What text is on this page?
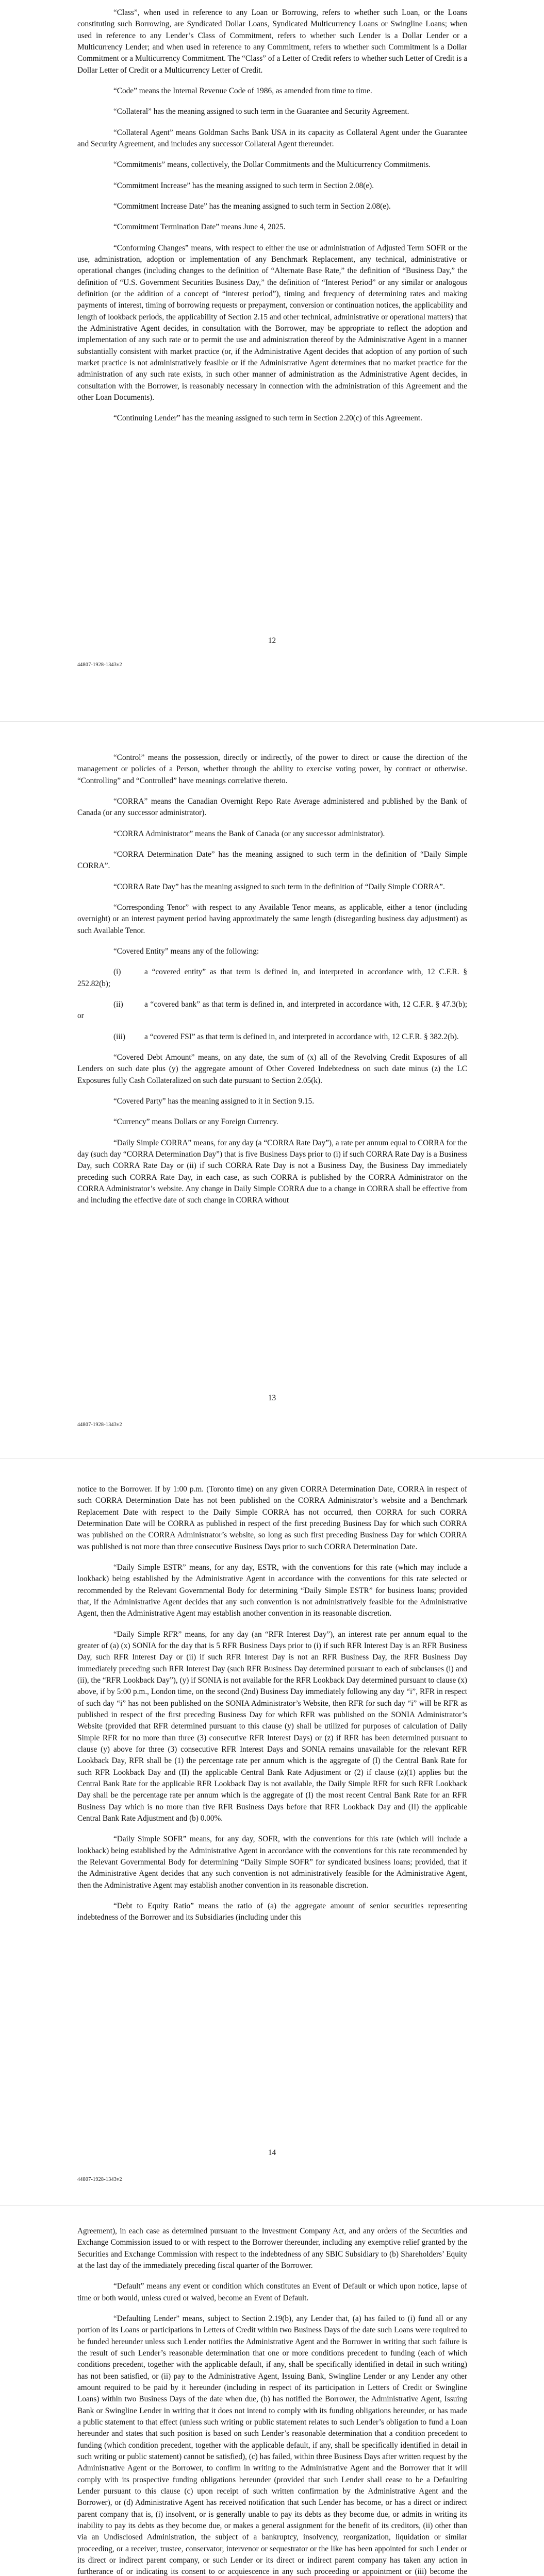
“Class”, when used in reference to any Loan or Borrowing, refers to whether such Loan, or the Loans constituting such Borrowing, are Syndicated Dollar Loans, Syndicated Multicurrency Loans or Swingline Loans; when used in reference to any Lender’s Class of Commitment, refers to whether such Lender is a Dollar Lender or a Multicurrency Lender; and when used in reference to any Commitment, refers to whether such Commitment is a Dollar Commitment or a Multicurrency Commitment. The “Class” of a Letter of Credit refers to whether such Letter of Credit is a Dollar Letter of Credit or a Multicurrency Letter of Credit.

“Code” means the Internal Revenue Code of 1986, as amended from time to time.

“Collateral” has the meaning assigned to such term in the Guarantee and Security Agreement.

“Collateral Agent” means Goldman Sachs Bank USA in its capacity as Collateral Agent under the Guarantee and Security Agreement, and includes any successor Collateral Agent thereunder.

“Commitments” means, collectively, the Dollar Commitments and the Multicurrency Commitments.

“Commitment Increase” has the meaning assigned to such term in Section 2.08(e).

“Commitment Increase Date” has the meaning assigned to such term in Section 2.08(e).

“Commitment Termination Date” means June 4, 2025.

“Conforming Changes” means, with respect to either the use or administration of Adjusted Term SOFR or the use, administration, adoption or implementation of any Benchmark Replacement, any technical, administrative or operational changes (including changes to the definition of “Alternate Base Rate,” the definition of “Business Day,” the definition of “U.S. Government Securities Business Day,” the definition of “Interest Period” or any similar or analogous definition (or the addition of a concept of “interest period”), timing and frequency of determining rates and making payments of interest, timing of borrowing requests or prepayment, conversion or continuation notices, the applicability and length of lookback periods, the applicability of Section 2.15 and other technical, administrative or operational matters) that the Administrative Agent decides, in consultation with the Borrower, may be appropriate to reflect the adoption and implementation of any such rate or to permit the use and administration thereof by the Administrative Agent in a manner substantially consistent with market practice (or, if the Administrative Agent decides that adoption of any portion of such market practice is not administratively feasible or if the Administrative Agent determines that no market practice for the administration of any such rate exists, in such other manner of administration as the Administrative Agent decides, in consultation with the Borrower, is reasonably necessary in connection with the administration of this Agreement and the other Loan Documents).

“Continuing Lender” has the meaning assigned to such term in Section 2.20(c) of this Agreement.

12
44807-1928-1343v2

“Control” means the possession, directly or indirectly, of the power to direct or cause the direction of the management or policies of a Person, whether through the ability to exercise voting power, by contract or otherwise. “Controlling” and “Controlled” have meanings correlative thereto.

“CORRA” means the Canadian Overnight Repo Rate Average administered and published by the Bank of Canada (or any successor administrator).

“CORRA Administrator” means the Bank of Canada (or any successor administrator).

“CORRA Determination Date” has the meaning assigned to such term in the definition of “Daily Simple CORRA”.

“CORRA Rate Day” has the meaning assigned to such term in the definition of “Daily Simple CORRA”.

“Corresponding Tenor” with respect to any Available Tenor means, as applicable, either a tenor (including overnight) or an interest payment period having approximately the same length (disregarding business day adjustment) as such Available Tenor.

“Covered Entity” means any of the following:

(i)	a “covered entity” as that term is defined in, and interpreted in accordance with, 12 C.F.R. § 252.82(b);

(ii)	a “covered bank” as that term is defined in, and interpreted in accordance with, 12 C.F.R. § 47.3(b); or

(iii) a “covered FSI” as that term is defined in, and interpreted in accordance with, 12 C.F.R. § 382.2(b).

“Covered Debt Amount” means, on any date, the sum of (x) all of the Revolving Credit Exposures of all Lenders on such date plus (y) the aggregate amount of Other Covered Indebtedness on such date minus (z) the LC Exposures fully Cash Collateralized on such date pursuant to Section 2.05(k).

“Covered Party” has the meaning assigned to it in Section 9.15.

“Currency” means Dollars or any Foreign Currency.

“Daily Simple CORRA” means, for any day (a “CORRA Rate Day”), a rate per annum equal to CORRA for the day (such day “CORRA Determination Day”) that is five Business Days prior to (i) if such CORRA Rate Day is a Business Day, such CORRA Rate Day or (ii) if such CORRA Rate Day is not a Business Day, the Business Day immediately preceding such CORRA Rate Day, in each case, as such CORRA is published by the CORRA Administrator on the CORRA Administrator’s website. Any change in Daily Simple CORRA due to a change in CORRA shall be effective from and including the effective date of such change in CORRA without

13
44807-1928-1343v2

notice to the Borrower. If by 1:00 p.m. (Toronto time) on any given CORRA Determination Date, CORRA in respect of such CORRA Determination Date has not been published on the CORRA Administrator’s website and a Benchmark Replacement Date with respect to the Daily Simple CORRA has not occurred, then CORRA for such CORRA Determination Date will be CORRA as published in respect of the first preceding Business Day for which such CORRA was published on the CORRA Administrator’s website, so long as such first preceding Business Day for which CORRA was published is not more than three consecutive Business Days prior to such CORRA Determination Date.

“Daily Simple ESTR” means, for any day, ESTR, with the conventions for this rate (which may include a lookback) being established by the Administrative Agent in accordance with the conventions for this rate selected or recommended by the Relevant Governmental Body for determining “Daily Simple ESTR” for business loans; provided that, if the Administrative Agent decides that any such convention is not administratively feasible for the Administrative Agent, then the Administrative Agent may establish another convention in its reasonable discretion.

“Daily Simple RFR” means, for any day (an “RFR Interest Day”), an interest rate per annum equal to the greater of (a) (x) SONIA for the day that is 5 RFR Business Days prior to (i) if such RFR Interest Day is an RFR Business Day, such RFR Interest Day or (ii) if such RFR Interest Day is not an RFR Business Day, the RFR Business Day immediately preceding such RFR Interest Day (such RFR Business Day determined pursuant to each of subclauses (i) and (ii), the “RFR Lookback Day”), (y) if SONIA is not available for the RFR Lookback Day determined pursuant to clause (x) above, if by 5:00 p.m., London time, on the second (2nd) Business Day immediately following any day “i”, RFR in respect of such day “i” has not been published on the SONIA Administrator’s Website, then RFR for such day “i” will be RFR as published in respect of the first preceding Business Day for which RFR was published on the SONIA Administrator’s Website (provided that RFR determined pursuant to this clause (y) shall be utilized for purposes of calculation of Daily Simple RFR for no more than three (3) consecutive RFR Interest Days) or (z) if RFR has been determined pursuant to clause (y) above for three (3) consecutive RFR Interest Days and SONIA remains unavailable for the relevant RFR Lookback Day, RFR shall be (1) the percentage rate per annum which is the aggregate of (I) the Central Bank Rate for such RFR Lookback Day and (II) the applicable Central Bank Rate Adjustment or (2) if clause (z)(1) applies but the Central Bank Rate for the applicable RFR Lookback Day is not available, the Daily Simple RFR for such RFR Lookback Day shall be the percentage rate per annum which is the aggregate of (I) the most recent Central Bank Rate for an RFR Business Day which is no more than five RFR Business Days before that RFR Lookback Day and (II) the applicable Central Bank Rate Adjustment and (b) 0.00%.

“Daily Simple SOFR” means, for any day, SOFR, with the conventions for this rate (which will include a lookback) being established by the Administrative Agent in accordance with the conventions for this rate recommended by the Relevant Governmental Body for determining “Daily Simple SOFR” for syndicated business loans; provided, that if the Administrative Agent decides that any such convention is not administratively feasible for the Administrative Agent, then the Administrative Agent may establish another convention in its reasonable discretion.

“Debt to Equity Ratio” means the ratio of (a) the aggregate amount of senior securities representing indebtedness of the Borrower and its Subsidiaries (including under this

14
44807-1928-1343v2

Agreement), in each case as determined pursuant to the Investment Company Act, and any orders of the Securities and Exchange Commission issued to or with respect to the Borrower thereunder, including any exemptive relief granted by the Securities and Exchange Commission with respect to the indebtedness of any SBIC Subsidiary to (b) Shareholders’ Equity at the last day of the immediately preceding fiscal quarter of the Borrower.

“Default” means any event or condition which constitutes an Event of Default or which upon notice, lapse of time or both would, unless cured or waived, become an Event of Default.

“Defaulting Lender” means, subject to Section 2.19(b), any Lender that, (a) has failed to (i) fund all or any portion of its Loans or participations in Letters of Credit within two Business Days of the date such Loans were required to be funded hereunder unless such Lender notifies the Administrative Agent and the Borrower in writing that such failure is the result of such Lender’s reasonable determination that one or more conditions precedent to funding (each of which conditions precedent, together with the applicable default, if any, shall be specifically identified in detail in such writing) has not been satisfied, or (ii) pay to the Administrative Agent, Issuing Bank, Swingline Lender or any Lender any other amount required to be paid by it hereunder (including in respect of its participation in Letters of Credit or Swingline Loans) within two Business Days of the date when due, (b) has notified the Borrower, the Administrative Agent, Issuing Bank or Swingline Lender in writing that it does not intend to comply with its funding obligations hereunder, or has made a public statement to that effect (unless such writing or public statement relates to such Lender’s obligation to fund a Loan hereunder and states that such position is based on such Lender’s reasonable determination that a condition precedent to funding (which condition precedent, together with the applicable default, if any, shall be specifically identified in detail in such writing or public statement) cannot be satisfied), (c) has failed, within three Business Days after written request by the Administrative Agent or the Borrower, to confirm in writing to the Administrative Agent and the Borrower that it will comply with its prospective funding obligations hereunder (provided that such Lender shall cease to be a Defaulting Lender pursuant to this clause (c) upon receipt of such written confirmation by the Administrative Agent and the Borrower), or (d) Administrative Agent has received notification that such Lender has become, or has a direct or indirect parent company that is, (i) insolvent, or is generally unable to pay its debts as they become due, or admits in writing its inability to pay its debts as they become due, or makes a general assignment for the benefit of its creditors, (ii) other than via an Undisclosed Administration, the subject of a bankruptcy, insolvency, reorganization, liquidation or similar proceeding, or a receiver, trustee, conservator, intervenor or sequestrator or the like has been appointed for such Lender or its direct or indirect parent company, or such Lender or its direct or indirect parent company has taken any action in furtherance of or indicating its consent to or acquiescence in any such proceeding or appointment or (iii) become the
